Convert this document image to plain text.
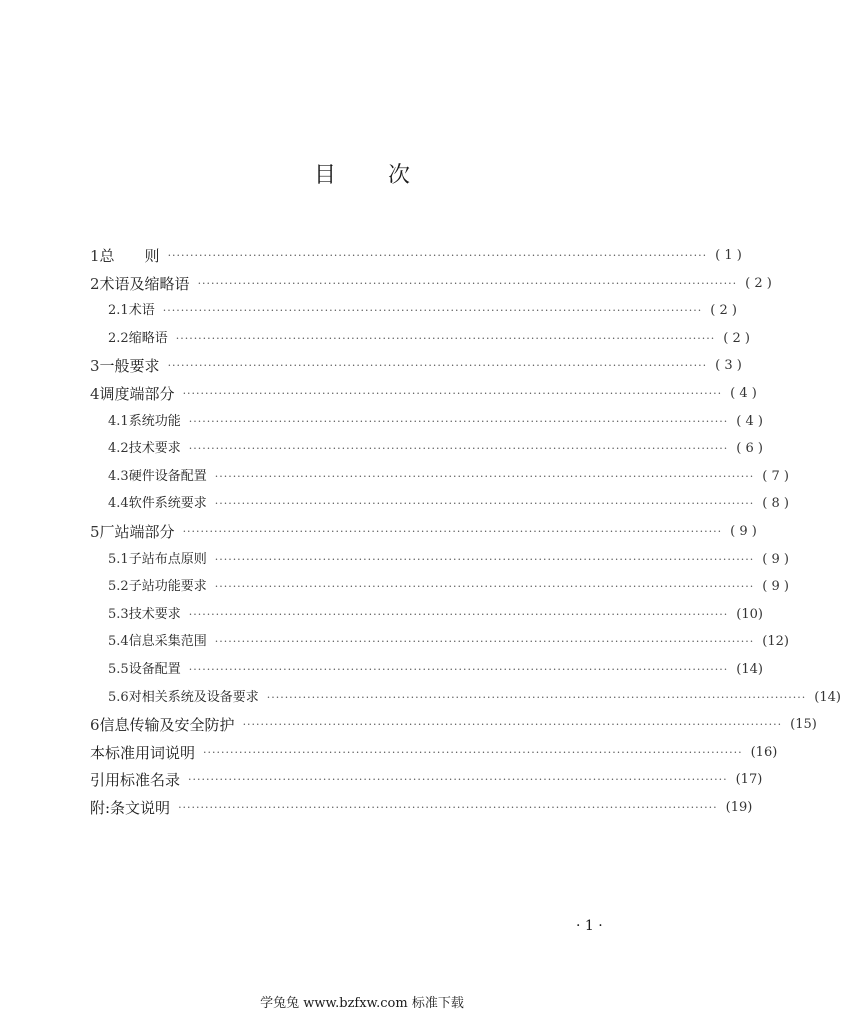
目 次
1 总　　则 ························································································································ ( 1 )
2 术语及缩略语 ························································································································ ( 2 )
2.1 术语 ························································································································ ( 2 )
2.2 缩略语 ························································································································ ( 2 )
3 一般要求 ························································································································ ( 3 )
4 调度端部分 ························································································································ ( 4 )
4.1 系统功能 ························································································································ ( 4 )
4.2 技术要求 ························································································································ ( 6 )
4.3 硬件设备配置 ························································································································ ( 7 )
4.4 软件系统要求 ························································································································ ( 8 )
5 厂站端部分 ························································································································ ( 9 )
5.1 子站布点原则 ························································································································ ( 9 )
5.2 子站功能要求 ························································································································ ( 9 )
5.3 技术要求 ························································································································ (10)
5.4 信息采集范围 ························································································································ (12)
5.5 设备配置 ························································································································ (14)
5.6 对相关系统及设备要求 ························································································································ (14)
6 信息传输及安全防护 ························································································································ (15)
本标准用词说明 ························································································································ (16)
引用标准名录 ························································································································ (17)
附:条文说明 ························································································································ (19)
· 1 ·
学兔兔 www.bzfxw.com 标准下载
